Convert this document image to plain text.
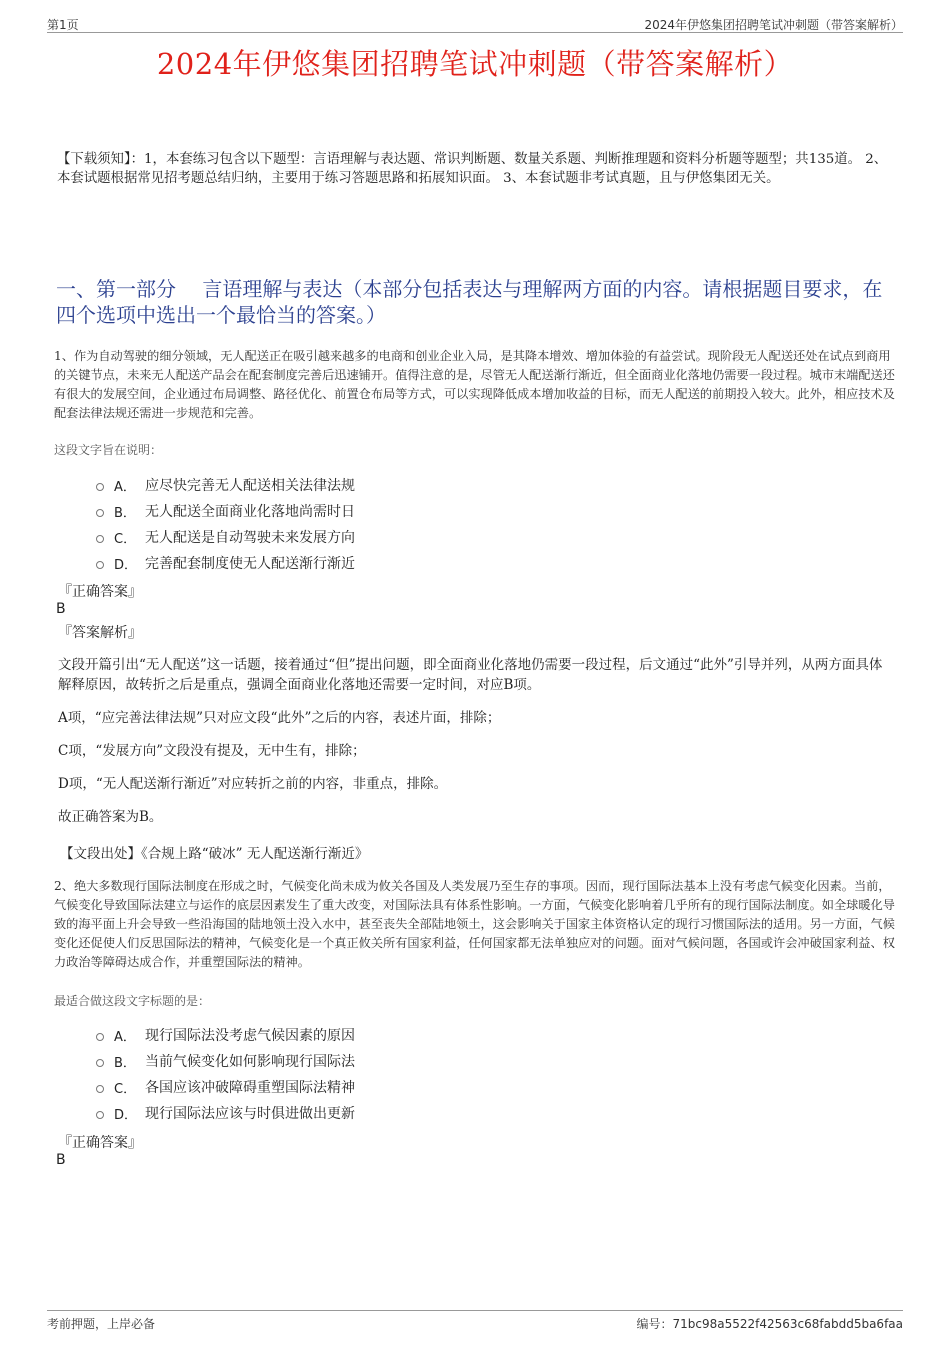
第1页	2024年伊悠集团招聘笔试冲刺题（带答案解析）
2024年伊悠集团招聘笔试冲刺题（带答案解析）
【下载须知】：1，本套练习包含以下题型：言语理解与表达题、常识判断题、数量关系题、判断推理题和资料分析题等题型；共135道。 2、本套试题根据常见招考题总结归纳，主要用于练习答题思路和拓展知识面。 3、本套试题非考试真题，且与伊悠集团无关。
一、第一部分　 言语理解与表达（本部分包括表达与理解两方面的内容。请根据题目要求，在四个选项中选出一个最恰当的答案。）
1、作为自动驾驶的细分领域，无人配送正在吸引越来越多的电商和创业企业入局，是其降本增效、增加体验的有益尝试。现阶段无人配送还处在试点到商用的关键节点，未来无人配送产品会在配套制度完善后迅速铺开。值得注意的是，尽管无人配送渐行渐近，但全面商业化落地仍需要一段过程。城市末端配送还有很大的发展空间，企业通过布局调整、路径优化、前置仓布局等方式，可以实现降低成本增加收益的目标，而无人配送的前期投入较大。此外，相应技术及配套法律法规还需进一步规范和完善。
这段文字旨在说明：
A． 应尽快完善无人配送相关法律法规
B． 无人配送全面商业化落地尚需时日
C． 无人配送是自动驾驶未来发展方向
D． 完善配套制度使无人配送渐行渐近
『正确答案』
B
『答案解析』

文段开篇引出“无人配送”这一话题，接着通过“但”提出问题，即全面商业化落地仍需要一段过程，后文通过“此外”引导并列，从两方面具体解释原因，故转折之后是重点，强调全面商业化落地还需要一定时间，对应B项。

A项，“应完善法律法规”只对应文段“此外”之后的内容，表述片面，排除；

C项，“发展方向”文段没有提及，无中生有，排除；

D项，“无人配送渐行渐近”对应转折之前的内容，非重点，排除。

故正确答案为B。

【文段出处】《合规上路“破冰” 无人配送渐行渐近》
2、绝大多数现行国际法制度在形成之时，气候变化尚未成为攸关各国及人类发展乃至生存的事项。因而，现行国际法基本上没有考虑气候变化因素。当前，气候变化导致国际法建立与运作的底层因素发生了重大改变，对国际法具有体系性影响。一方面，气候变化影响着几乎所有的现行国际法制度。如全球暖化导致的海平面上升会导致一些沿海国的陆地领土没入水中，甚至丧失全部陆地领土，这会影响关于国家主体资格认定的现行习惯国际法的适用。另一方面，气候变化还促使人们反思国际法的精神，气候变化是一个真正攸关所有国家利益，任何国家都无法单独应对的问题。面对气候问题，各国或许会冲破国家利益、权力政治等障碍达成合作，并重塑国际法的精神。
最适合做这段文字标题的是：
A． 现行国际法没考虑气候因素的原因
B． 当前气候变化如何影响现行国际法
C． 各国应该冲破障碍重塑国际法精神
D． 现行国际法应该与时俱进做出更新
『正确答案』
B
考前押题，上岸必备	编号：71bc98a5522f42563c68fabdd5ba6faa
